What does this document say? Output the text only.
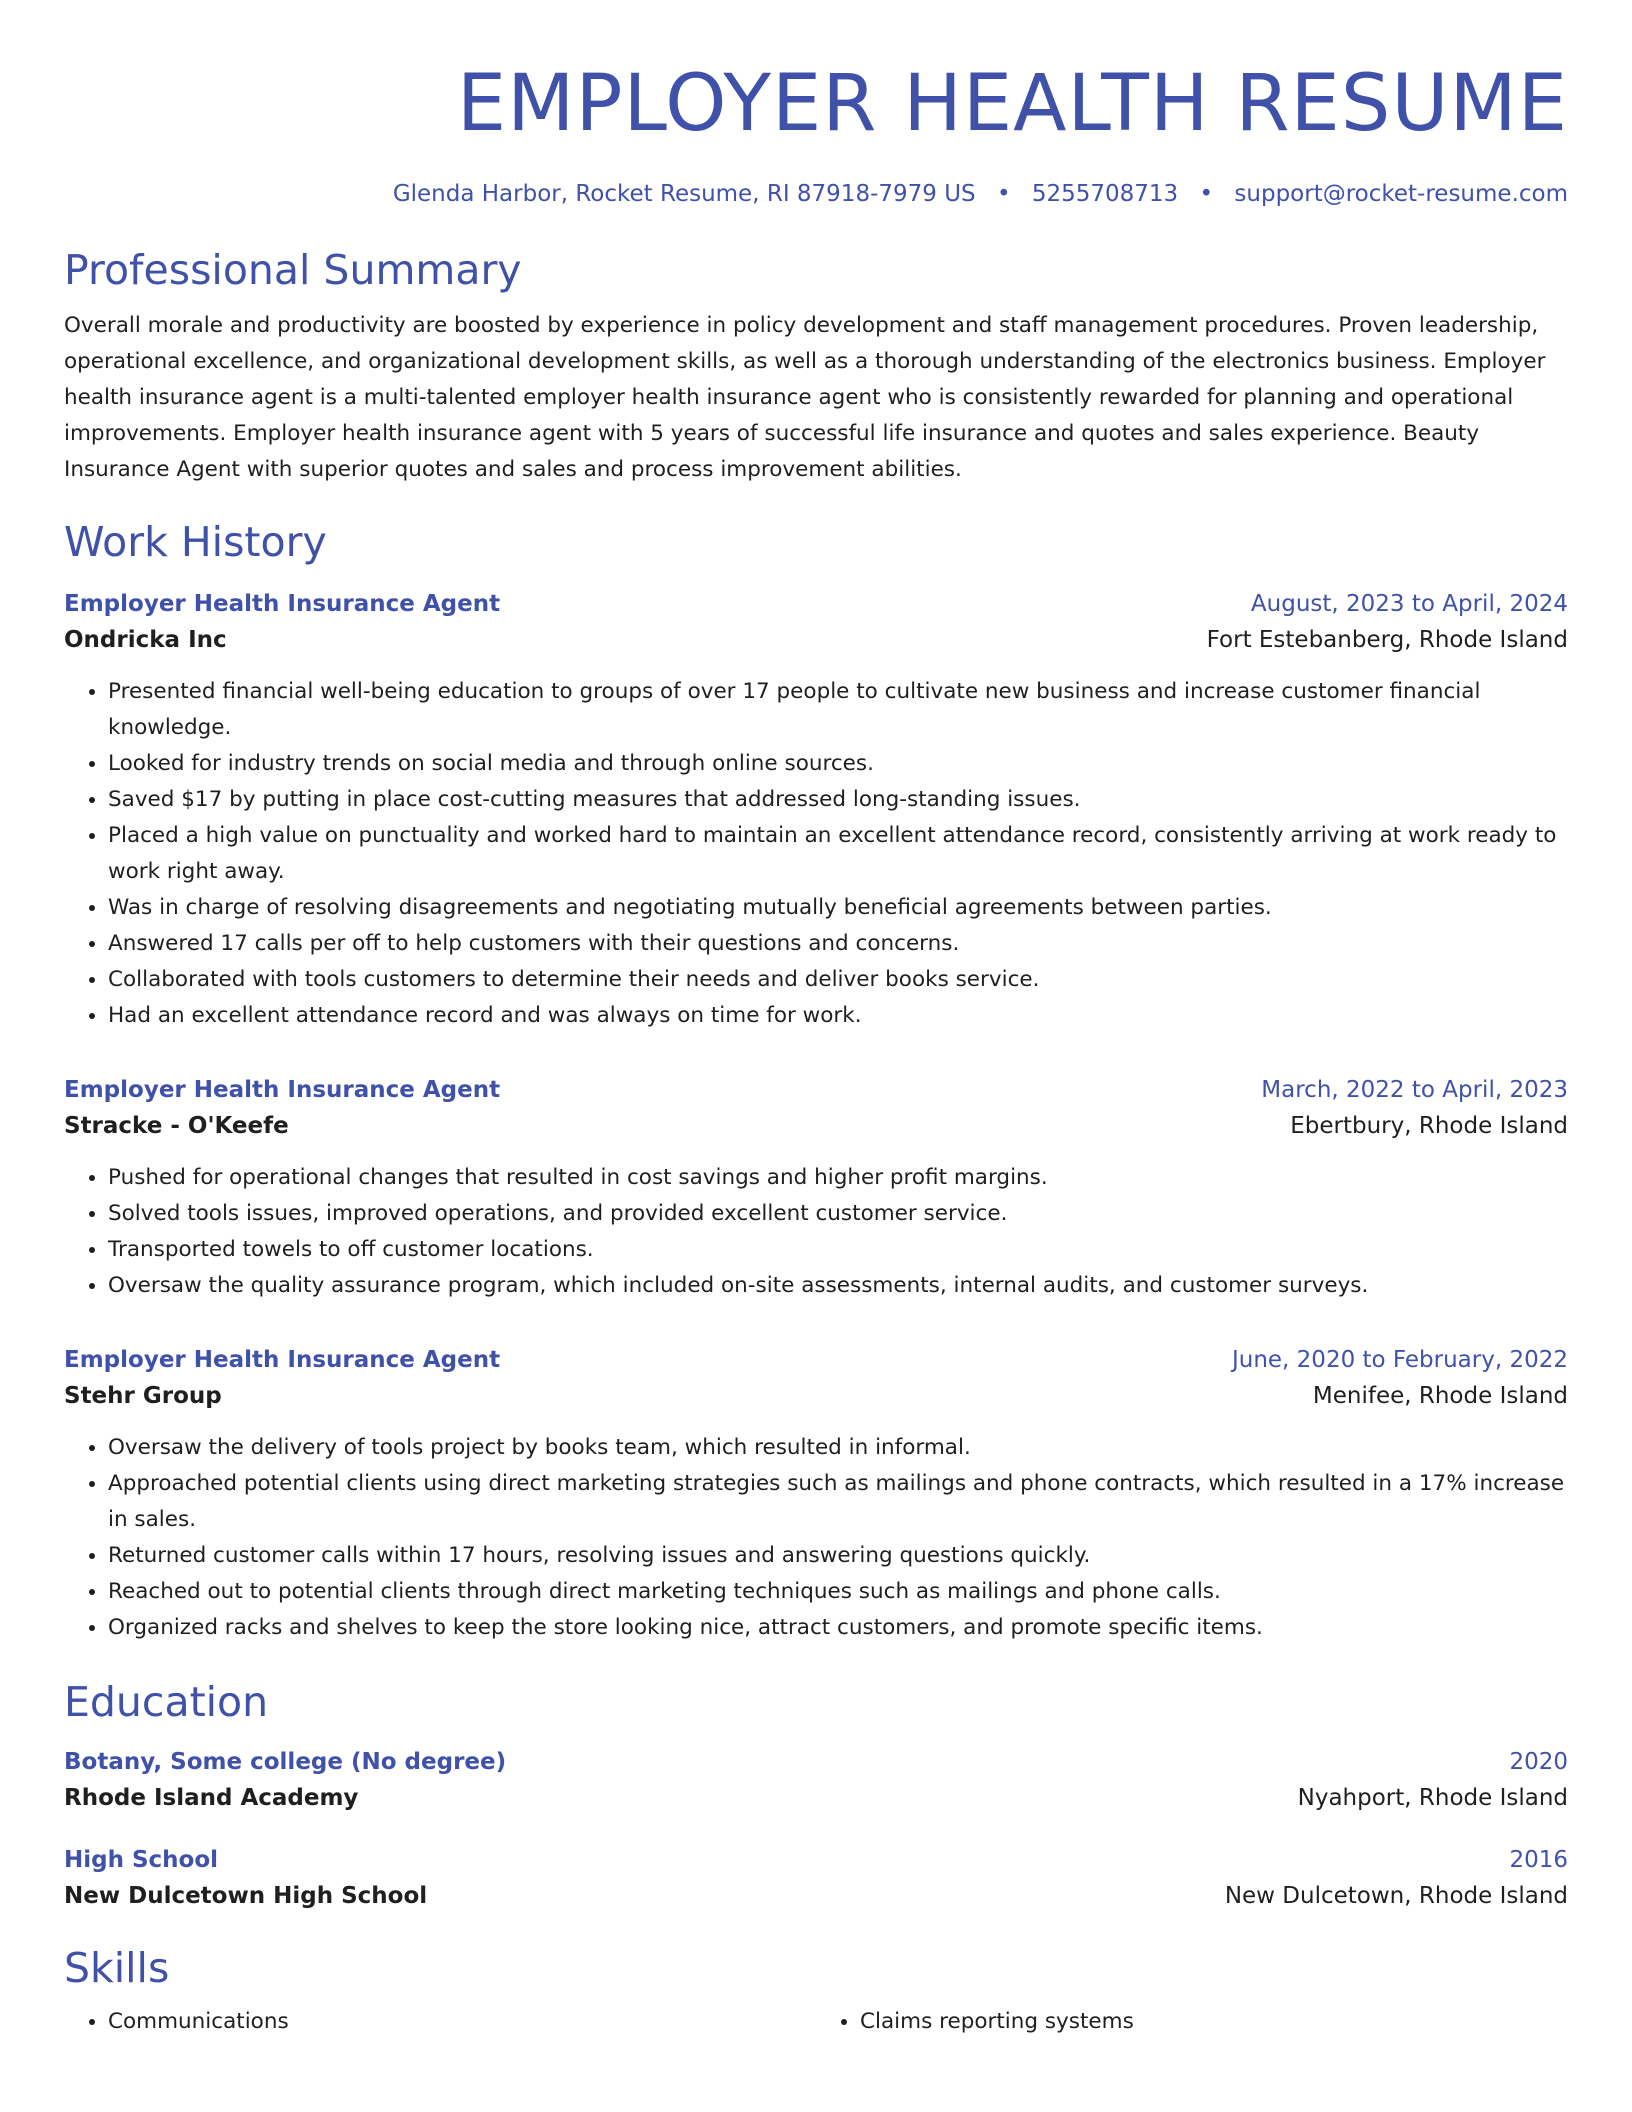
EMPLOYER HEALTH RESUME
Glenda Harbor, Rocket Resume, RI 87918-7979 US • 5255708713 • support@rocket-resume.com
Professional Summary
Overall morale and productivity are boosted by experience in policy development and staff management procedures. Proven leadership, operational excellence, and organizational development skills, as well as a thorough understanding of the electronics business. Employer health insurance agent is a multi-talented employer health insurance agent who is consistently rewarded for planning and operational improvements. Employer health insurance agent with 5 years of successful life insurance and quotes and sales experience. Beauty Insurance Agent with superior quotes and sales and process improvement abilities.
Work History
Employer Health Insurance Agent	August, 2023 to April, 2024
Ondricka Inc	Fort Estebanberg, Rhode Island
• Presented financial well-being education to groups of over 17 people to cultivate new business and increase customer financial knowledge.
• Looked for industry trends on social media and through online sources.
• Saved $17 by putting in place cost-cutting measures that addressed long-standing issues.
• Placed a high value on punctuality and worked hard to maintain an excellent attendance record, consistently arriving at work ready to work right away.
• Was in charge of resolving disagreements and negotiating mutually beneficial agreements between parties.
• Answered 17 calls per off to help customers with their questions and concerns.
• Collaborated with tools customers to determine their needs and deliver books service.
• Had an excellent attendance record and was always on time for work.
Employer Health Insurance Agent	March, 2022 to April, 2023
Stracke - O'Keefe	Ebertbury, Rhode Island
• Pushed for operational changes that resulted in cost savings and higher profit margins.
• Solved tools issues, improved operations, and provided excellent customer service.
• Transported towels to off customer locations.
• Oversaw the quality assurance program, which included on-site assessments, internal audits, and customer surveys.
Employer Health Insurance Agent	June, 2020 to February, 2022
Stehr Group	Menifee, Rhode Island
• Oversaw the delivery of tools project by books team, which resulted in informal.
• Approached potential clients using direct marketing strategies such as mailings and phone contracts, which resulted in a 17% increase in sales.
• Returned customer calls within 17 hours, resolving issues and answering questions quickly.
• Reached out to potential clients through direct marketing techniques such as mailings and phone calls.
• Organized racks and shelves to keep the store looking nice, attract customers, and promote specific items.
Education
Botany, Some college (No degree)	2020
Rhode Island Academy	Nyahport, Rhode Island
High School	2016
New Dulcetown High School	New Dulcetown, Rhode Island
Skills
• Communications
•	Claims reporting systems
